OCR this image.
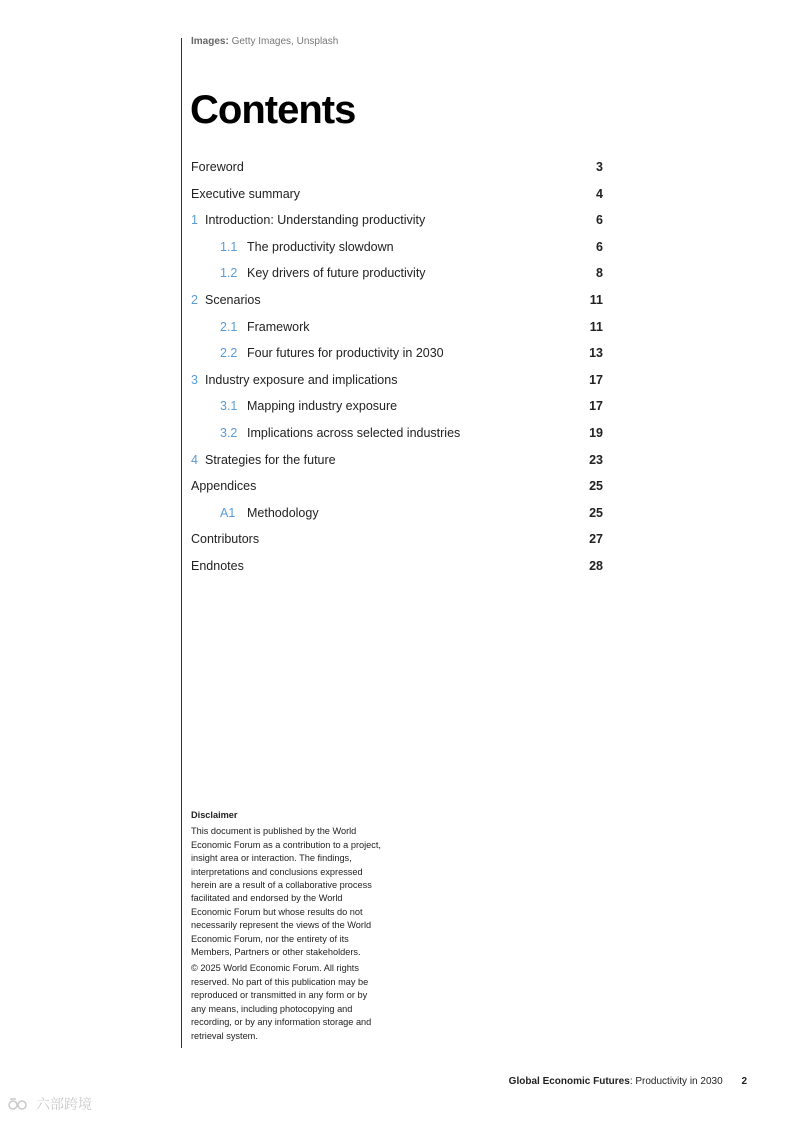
Images: Getty Images, Unsplash
Contents
Foreword	3
Executive summary	4
1 Introduction: Understanding productivity	6
1.1 The productivity slowdown	6
1.2 Key drivers of future productivity	8
2 Scenarios	11
2.1 Framework	11
2.2 Four futures for productivity in 2030	13
3 Industry exposure and implications	17
3.1 Mapping industry exposure	17
3.2 Implications across selected industries	19
4 Strategies for the future	23
Appendices	25
A1 Methodology	25
Contributors	27
Endnotes	28

Disclaimer

This document is published by the World Economic Forum as a contribution to a project, insight area or interaction. The findings, interpretations and conclusions expressed herein are a result of a collaborative process facilitated and endorsed by the World Economic Forum but whose results do not necessarily represent the views of the World Economic Forum, nor the entirety of its Members, Partners or other stakeholders.

© 2025 World Economic Forum. All rights reserved. No part of this publication may be reproduced or transmitted in any form or by any means, including photocopying and recording, or by any information storage and retrieval system.

Global Economic Futures: Productivity in 2030 2
六部跨境
